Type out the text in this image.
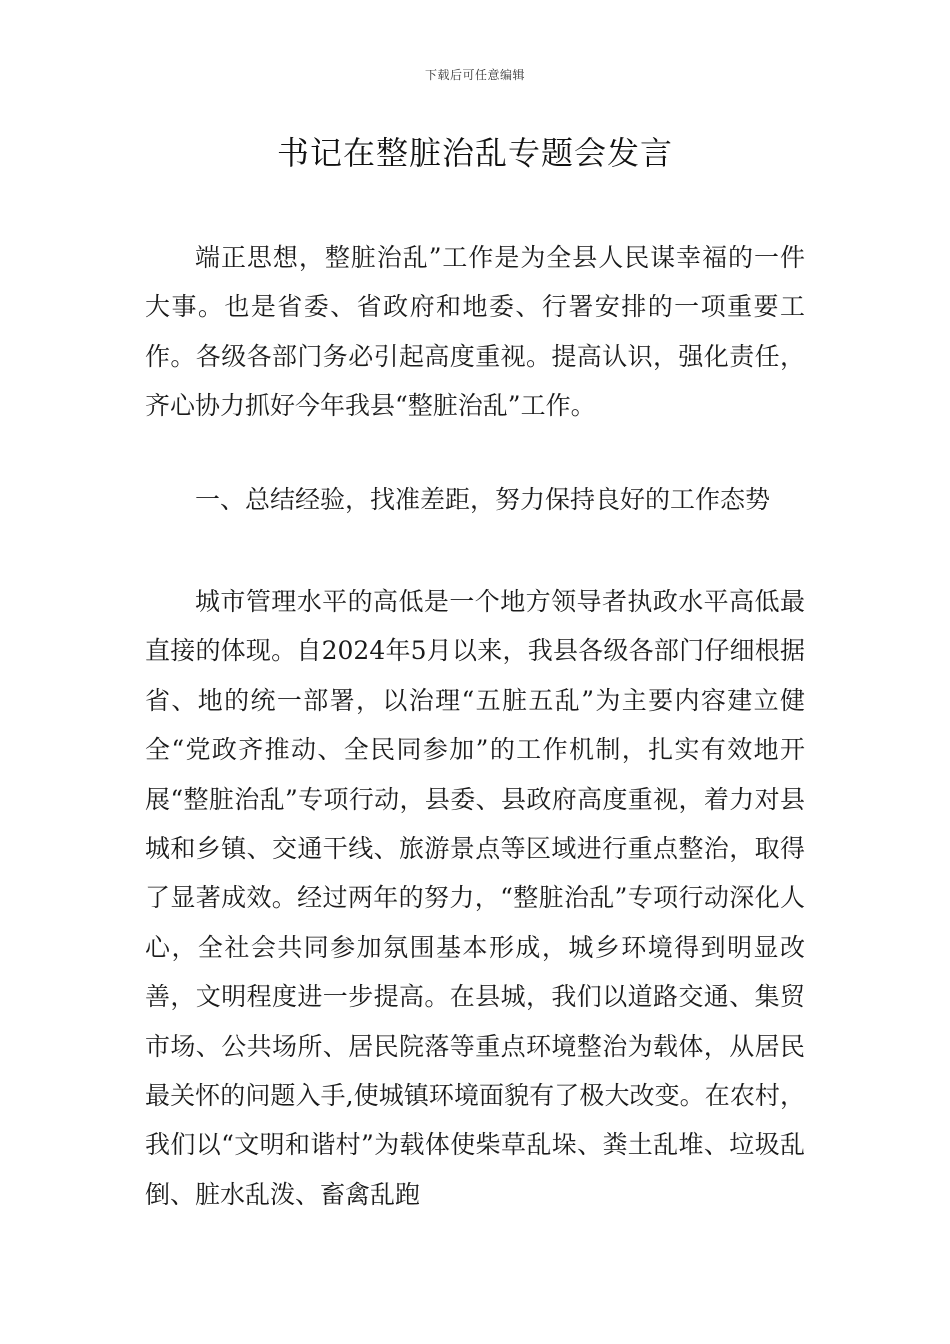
下载后可任意编辑
书记在整脏治乱专题会发言

端正思想，整脏治乱”工作是为全县人民谋幸福的一件大事。也是省委、省政府和地委、行署安排的一项重要工作。各级各部门务必引起高度重视。提高认识，强化责任，齐心协力抓好今年我县“整脏治乱”工作。

一、总结经验，找准差距，努力保持良好的工作态势

城市管理水平的高低是一个地方领导者执政水平高低最直接的体现。自2024年5月以来，我县各级各部门仔细根据省、地的统一部署，以治理“五脏五乱”为主要内容建立健全“党政齐推动、全民同参加”的工作机制，扎实有效地开展“整脏治乱”专项行动，县委、县政府高度重视，着力对县城和乡镇、交通干线、旅游景点等区域进行重点整治，取得了显著成效。经过两年的努力，“整脏治乱”专项行动深化人心，全社会共同参加氛围基本形成，城乡环境得到明显改善，文明程度进一步提高。在县城，我们以道路交通、集贸市场、公共场所、居民院落等重点环境整治为载体，从居民最关怀的问题入手,使城镇环境面貌有了极大改变。在农村，我们以“文明和谐村”为载体使柴草乱垛、粪土乱堆、垃圾乱倒、脏水乱泼、畜禽乱跑
